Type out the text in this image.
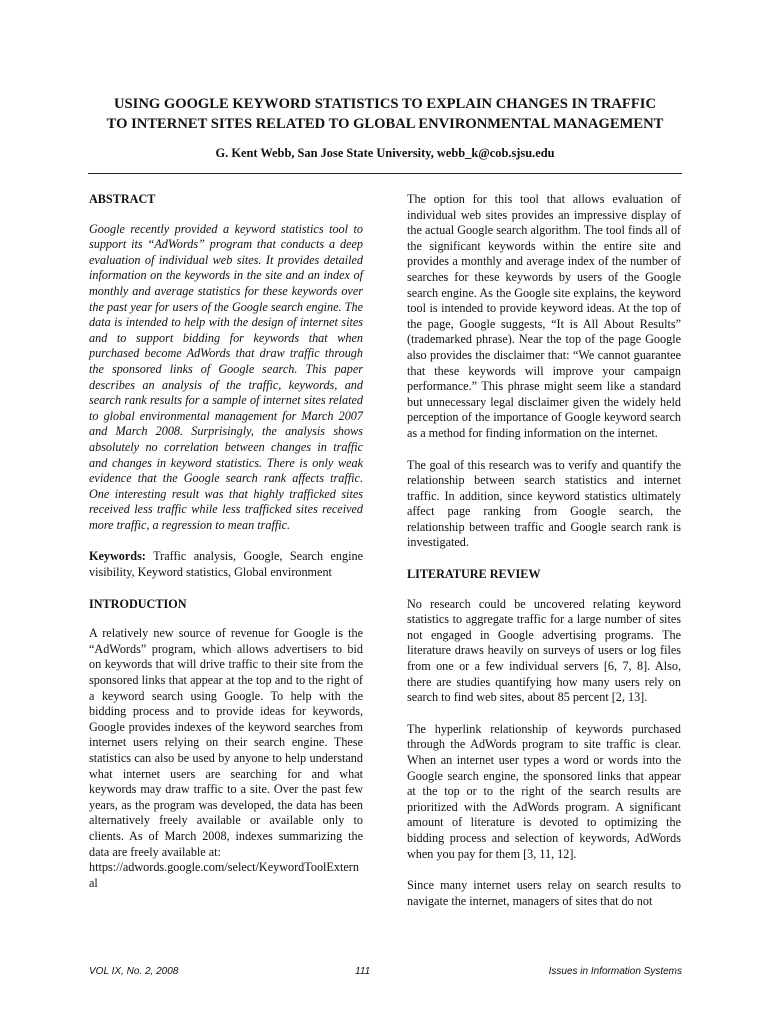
USING GOOGLE KEYWORD STATISTICS TO EXPLAIN CHANGES IN TRAFFIC
TO INTERNET SITES RELATED TO GLOBAL ENVIRONMENTAL MANAGEMENT
G. Kent Webb, San Jose State University, webb_k@cob.sjsu.edu

ABSTRACT

Google recently provided a keyword statistics tool to support its “AdWords” program that conducts a deep evaluation of individual web sites. It provides detailed information on the keywords in the site and an index of monthly and average statistics for these keywords over the past year for users of the Google search engine. The data is intended to help with the design of internet sites and to support bidding for keywords that when purchased become AdWords that draw traffic through the sponsored links of Google search. This paper describes an analysis of the traffic, keywords, and search rank results for a sample of internet sites related to global environmental management for March 2007 and March 2008. Surprisingly, the analysis shows absolutely no correlation between changes in traffic and changes in keyword statistics. There is only weak evidence that the Google search rank affects traffic. One interesting result was that highly trafficked sites received less traffic while less trafficked sites received more traffic, a regression to mean traffic.

Keywords: Traffic analysis, Google, Search engine visibility, Keyword statistics, Global environment

INTRODUCTION

A relatively new source of revenue for Google is the “AdWords” program, which allows advertisers to bid on keywords that will drive traffic to their site from the sponsored links that appear at the top and to the right of a keyword search using Google. To help with the bidding process and to provide ideas for keywords, Google provides indexes of the keyword searches from internet users relying on their search engine. These statistics can also be used by anyone to help understand what internet users are searching for and what keywords may draw traffic to a site. Over the past few years, as the program was developed, the data has been alternatively freely available or available only to clients. As of March 2008, indexes summarizing the data are freely available at:

https://adwords.google.com/select/KeywordToolExternal

The option for this tool that allows evaluation of individual web sites provides an impressive display of the actual Google search algorithm. The tool finds all of the significant keywords within the entire site and provides a monthly and average index of the number of searches for these keywords by users of the Google search engine. As the Google site explains, the keyword tool is intended to provide keyword ideas. At the top of the page, Google suggests, “It is All About Results” (trademarked phrase). Near the top of the page Google also provides the disclaimer that: “We cannot guarantee that these keywords will improve your campaign performance.” This phrase might seem like a standard but unnecessary legal disclaimer given the widely held perception of the importance of Google keyword search as a method for finding information on the internet.

The goal of this research was to verify and quantify the relationship between search statistics and internet traffic. In addition, since keyword statistics ultimately affect page ranking from Google search, the relationship between traffic and Google search rank is investigated.

LITERATURE REVIEW

No research could be uncovered relating keyword statistics to aggregate traffic for a large number of sites not engaged in Google advertising programs. The literature draws heavily on surveys of users or log files from one or a few individual servers [6, 7, 8]. Also, there are studies quantifying how many users rely on search to find web sites, about 85 percent [2, 13].

The hyperlink relationship of keywords purchased through the AdWords program to site traffic is clear. When an internet user types a word or words into the Google search engine, the sponsored links that appear at the top or to the right of the search results are prioritized with the AdWords program. A significant amount of literature is devoted to optimizing the bidding process and selection of keywords, AdWords when you pay for them [3, 11, 12].

Since many internet users relay on search results to navigate the internet, managers of sites that do not

VOL IX, No. 2, 2008	111	Issues in Information Systems
